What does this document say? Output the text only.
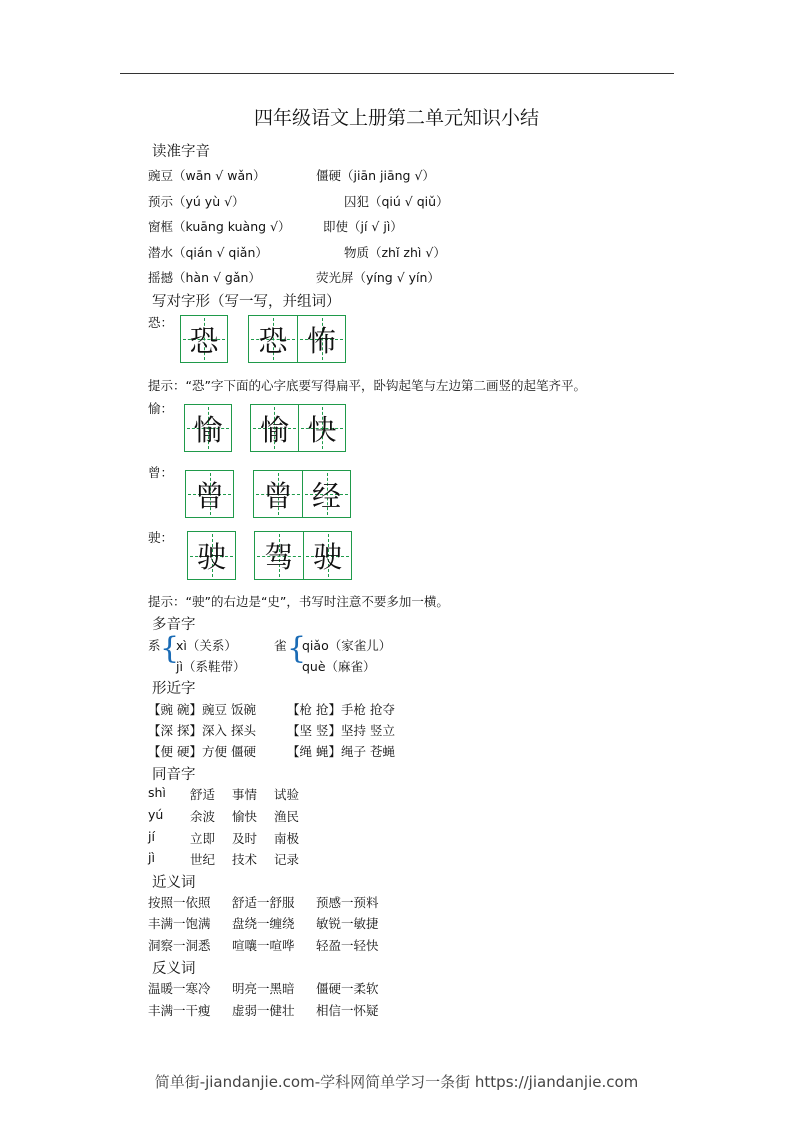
四年级语文上册第二单元知识小结
读准字音
豌豆（wān √ wǎn）	僵硬（jiān jiāng √）
预示（yú yù √）	囚犯（qiú √ qiǔ）
窗框（kuāng kuàng √）	即使（jí √ jì）
潜水（qián √ qiǎn）	物质（zhǐ zhì √）
摇撼（hàn √ gǎn）	荧光屏（yíng √ yín）
写对字形（写一写，并组词）
恐：
恐 恐 怖
提示：“恐”字下面的心字底要写得扁平，卧钩起笔与左边第二画竖的起笔齐平。
愉：
愉 愉 快
曾：
曾 曾 经
驶：
驶 驾 驶
提示：“驶”的右边是“史”，书写时注意不要多加一横。
多音字
系 {
xì（关系）
jì（系鞋带）
雀 {
qiǎo（家雀儿）
què（麻雀）
形近字
【豌 碗】豌豆 饭碗 【枪 抢】手枪 抢夺
【深 探】深入 探头 【坚 竖】坚持 竖立
【便 硬】方便 僵硬 【绳 蝇】绳子 苍蝇
同音字
shì 舒适 事情 试验
yú 余波 愉快 渔民
jí	立即 及时 南极
jì	世纪 技术 记录
近义词
按照一依照 舒适一舒服 预感一预料
丰满一饱满 盘绕一缠绕 敏锐一敏捷
洞察一洞悉 喧嚷一喧哗 轻盈一轻快
反义词
温暖一寒冷 明亮一黑暗 僵硬一柔软
丰满一干瘦 虚弱一健壮 相信一怀疑
简单街-jiandanjie.com-学科网简单学习一条街 https://jiandanjie.com
